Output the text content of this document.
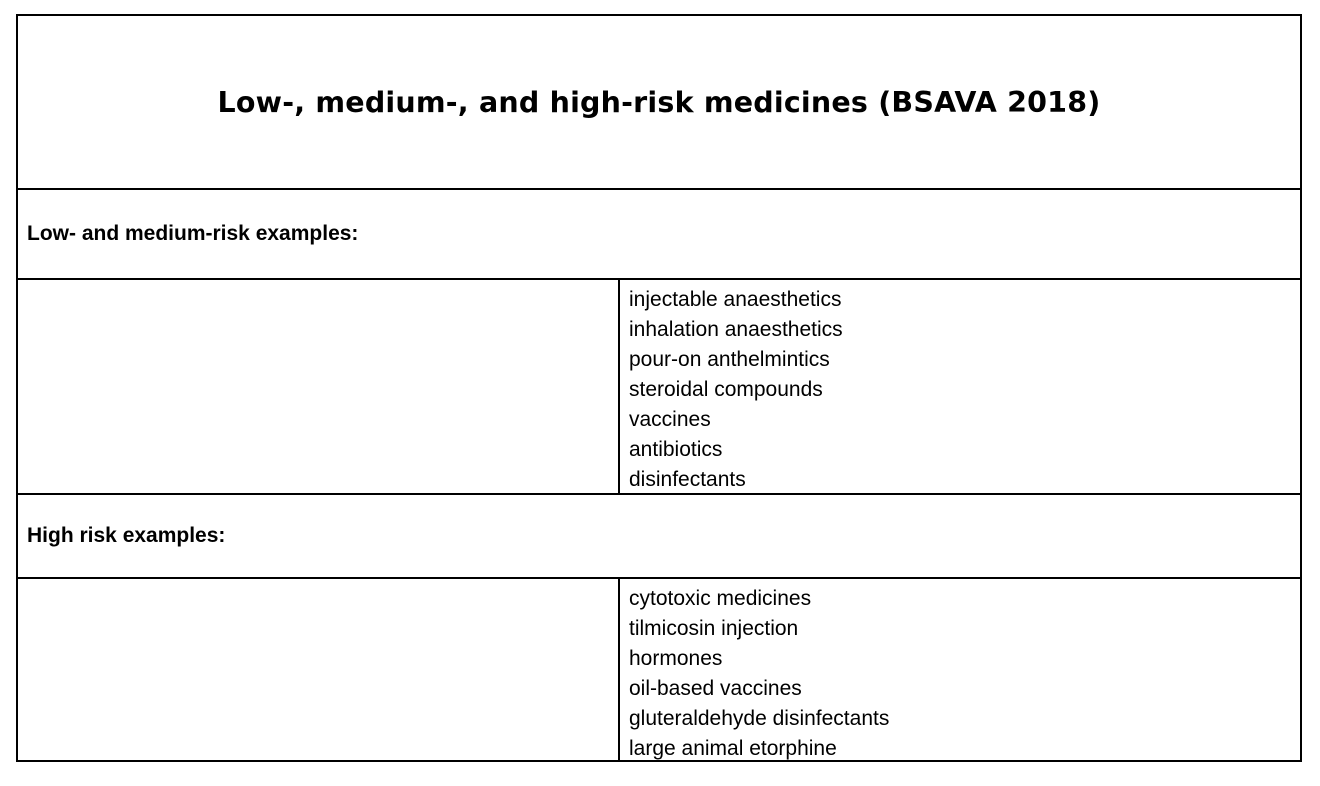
Low-, medium-, and high-risk medicines (BSAVA 2018)
Low- and medium-risk examples:
injectable anaesthetics
inhalation anaesthetics
pour-on anthelmintics
steroidal compounds
vaccines
antibiotics
disinfectants
High risk examples:
cytotoxic medicines
tilmicosin injection
hormones
oil-based vaccines
gluteraldehyde disinfectants
large animal etorphine
